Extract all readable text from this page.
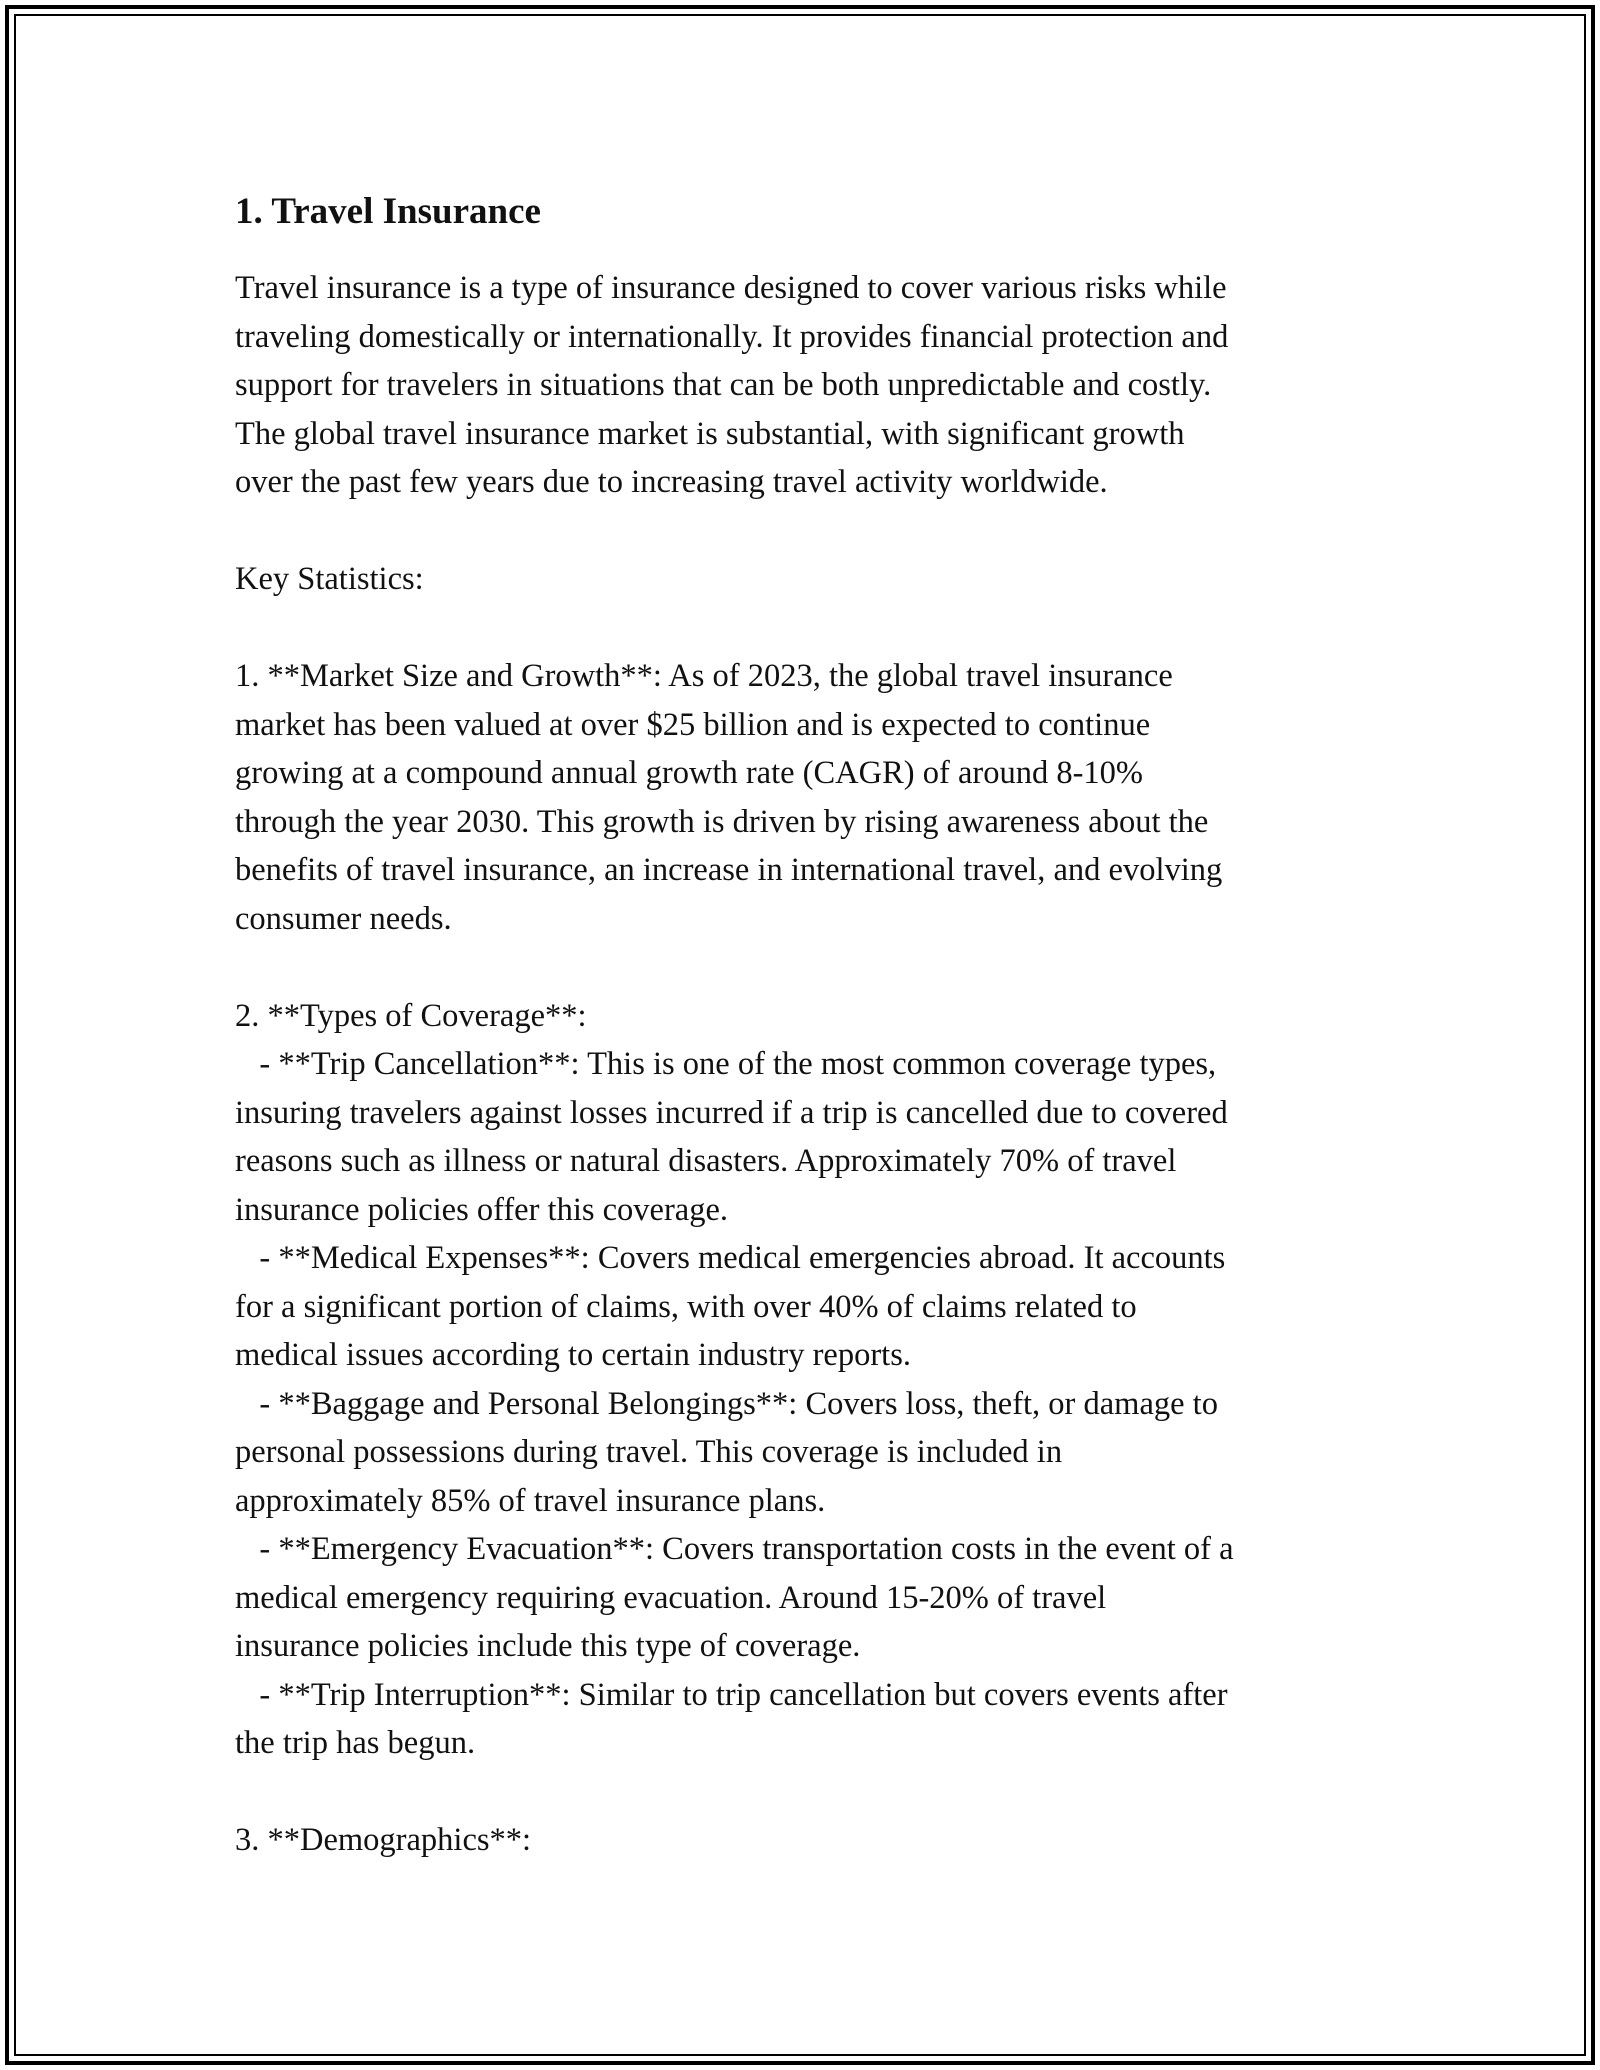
1. Travel Insurance

Travel insurance is a type of insurance designed to cover various risks while
traveling domestically or internationally. It provides financial protection and
support for travelers in situations that can be both unpredictable and costly.
The global travel insurance market is substantial, with significant growth
over the past few years due to increasing travel activity worldwide.

Key Statistics:

1. **Market Size and Growth**: As of 2023, the global travel insurance
market has been valued at over $25 billion and is expected to continue
growing at a compound annual growth rate (CAGR) of around 8-10%
through the year 2030. This growth is driven by rising awareness about the
benefits of travel insurance, an increase in international travel, and evolving
consumer needs.

2. **Types of Coverage**:
- **Trip Cancellation**: This is one of the most common coverage types,
insuring travelers against losses incurred if a trip is cancelled due to covered
reasons such as illness or natural disasters. Approximately 70% of travel
insurance policies offer this coverage.
- **Medical Expenses**: Covers medical emergencies abroad. It accounts
for a significant portion of claims, with over 40% of claims related to
medical issues according to certain industry reports.
- **Baggage and Personal Belongings**: Covers loss, theft, or damage to
personal possessions during travel. This coverage is included in
approximately 85% of travel insurance plans.
- **Emergency Evacuation**: Covers transportation costs in the event of a
medical emergency requiring evacuation. Around 15-20% of travel
insurance policies include this type of coverage.
- **Trip Interruption**: Similar to trip cancellation but covers events after
the trip has begun.

3. **Demographics**:
